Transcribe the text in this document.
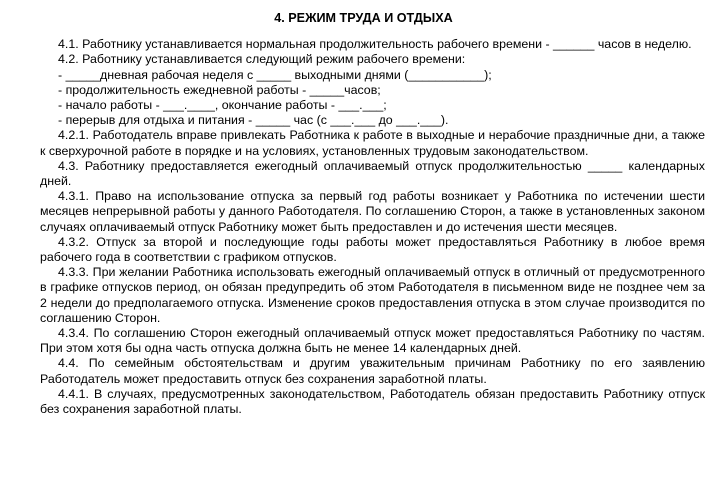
4. РЕЖИМ ТРУДА И ОТДЫХА

4.1. Работнику устанавливается нормальная продолжительность рабочего времени - ______ часов в неделю.

4.2. Работнику устанавливается следующий режим рабочего времени:

- _____дневная рабочая неделя с _____ выходными днями (___________);

- продолжительность ежедневной работы - _____часов;

- начало работы - ___.____, окончание работы - ___.___;

- перерыв для отдыха и питания - _____ час (с ___.___ до ___.___).

4.2.1. Работодатель вправе привлекать Работника к работе в выходные и нерабочие праздничные дни, а также к сверхурочной работе в порядке и на условиях, установленных трудовым законодательством.

4.3. Работнику предоставляется ежегодный оплачиваемый отпуск продолжительностью _____ календарных дней.

4.3.1. Право на использование отпуска за первый год работы возникает у Работника по истечении шести месяцев непрерывной работы у данного Работодателя. По соглашению Сторон, а также в установленных законом случаях оплачиваемый отпуск Работнику может быть предоставлен и до истечения шести месяцев.

4.3.2. Отпуск за второй и последующие годы работы может предоставляться Работнику в любое время рабочего года в соответствии с графиком отпусков.

4.3.3. При желании Работника использовать ежегодный оплачиваемый отпуск в отличный от предусмотренного в графике отпусков период, он обязан предупредить об этом Работодателя в письменном виде не позднее чем за 2 недели до предполагаемого отпуска. Изменение сроков предоставления отпуска в этом случае производится по соглашению Сторон.

4.3.4. По соглашению Сторон ежегодный оплачиваемый отпуск может предоставляться Работнику по частям. При этом хотя бы одна часть отпуска должна быть не менее 14 календарных дней.

4.4. По семейным обстоятельствам и другим уважительным причинам Работнику по его заявлению Работодатель может предоставить отпуск без сохранения заработной платы.

4.4.1. В случаях, предусмотренных законодательством, Работодатель обязан предоставить Работнику отпуск без сохранения заработной платы.
